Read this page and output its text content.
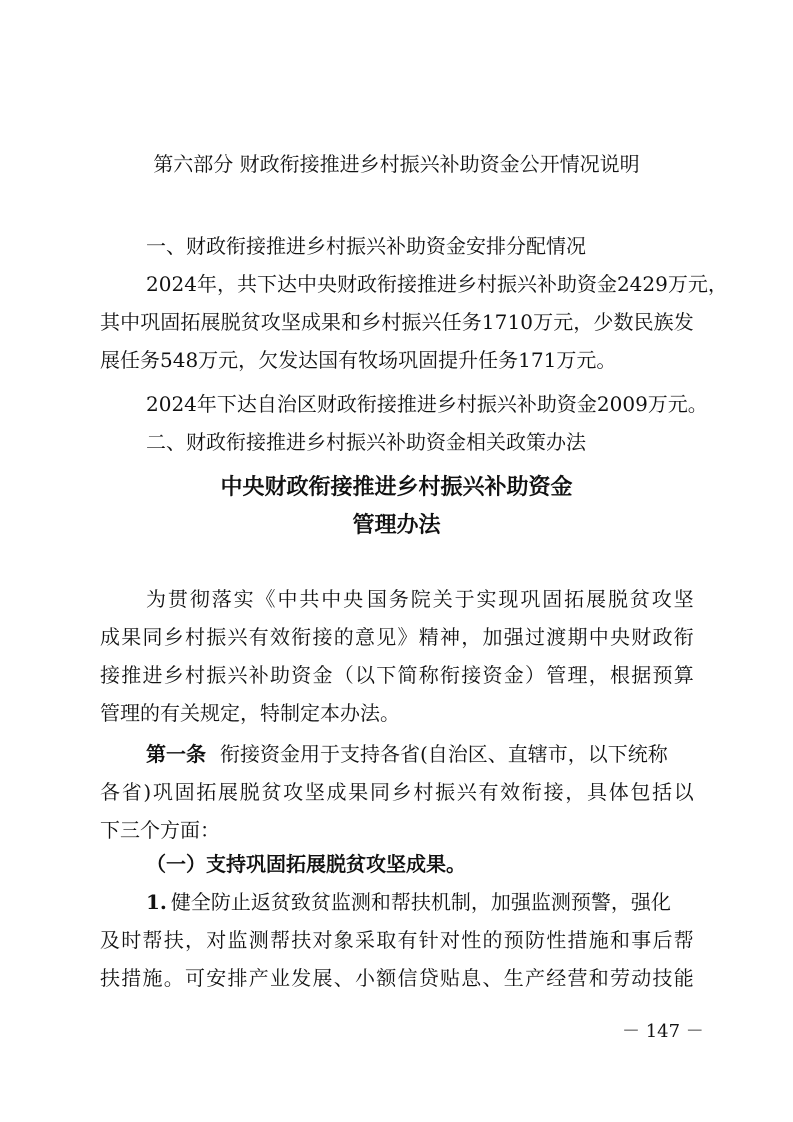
第六部分 财政衔接推进乡村振兴补助资金公开情况说明
一、财政衔接推进乡村振兴补助资金安排分配情况
2 0 2 4 年 ， 共 下 达 中 央 财 政 衔 接 推 进 乡 村 振 兴 补 助 资 金 2 4 2 9 万 元 ，
其 中 巩 固 拓 展 脱 贫 攻 坚 成 果 和 乡 村 振 兴 任 务 1 7 1 0 万 元 ， 少 数 民 族 发
展任务548万元，欠发达国有牧场巩固提升任务171万元。
2024年下达自治区财政衔接推进乡村振兴补助资金2009万元。
二、财政衔接推进乡村振兴补助资金相关政策办法
中央财政衔接推进乡村振兴补助资金
管理办法
为 贯 彻 落 实 《 中 共 中 央 国 务 院 关 于 实 现 巩 固 拓 展 脱 贫 攻 坚
成 果 同 乡 村 振 兴 有 效 衔 接 的 意 见 》 精 神 ， 加 强 过 渡 期 中 央 财 政 衔
接 推 进 乡 村 振 兴 补 助 资 金 （ 以 下 简 称 衔 接 资 金 ） 管 理 ， 根 据 预 算
管理的有关规定，特制定本办法。
第一条 衔接资金用于支持各省(自治区、直辖市，以下统称
各 省 ) 巩 固 拓 展 脱 贫 攻 坚 成 果 同 乡 村 振 兴 有 效 衔 接 ， 具 体 包 括 以
下三个方面：
（一）支持巩固拓展脱贫攻坚成果。
1. 健全防止返贫致贫监测和帮扶机制，加强监测预警，强化
及 时 帮 扶 ， 对 监 测 帮 扶 对 象 采 取 有 针 对 性 的 预 防 性 措 施 和 事 后 帮
扶 措 施 。 可 安 排 产 业 发 展 、 小 额 信 贷 贴 息 、 生 产 经 营 和 劳 动 技 能
－ 147 －
